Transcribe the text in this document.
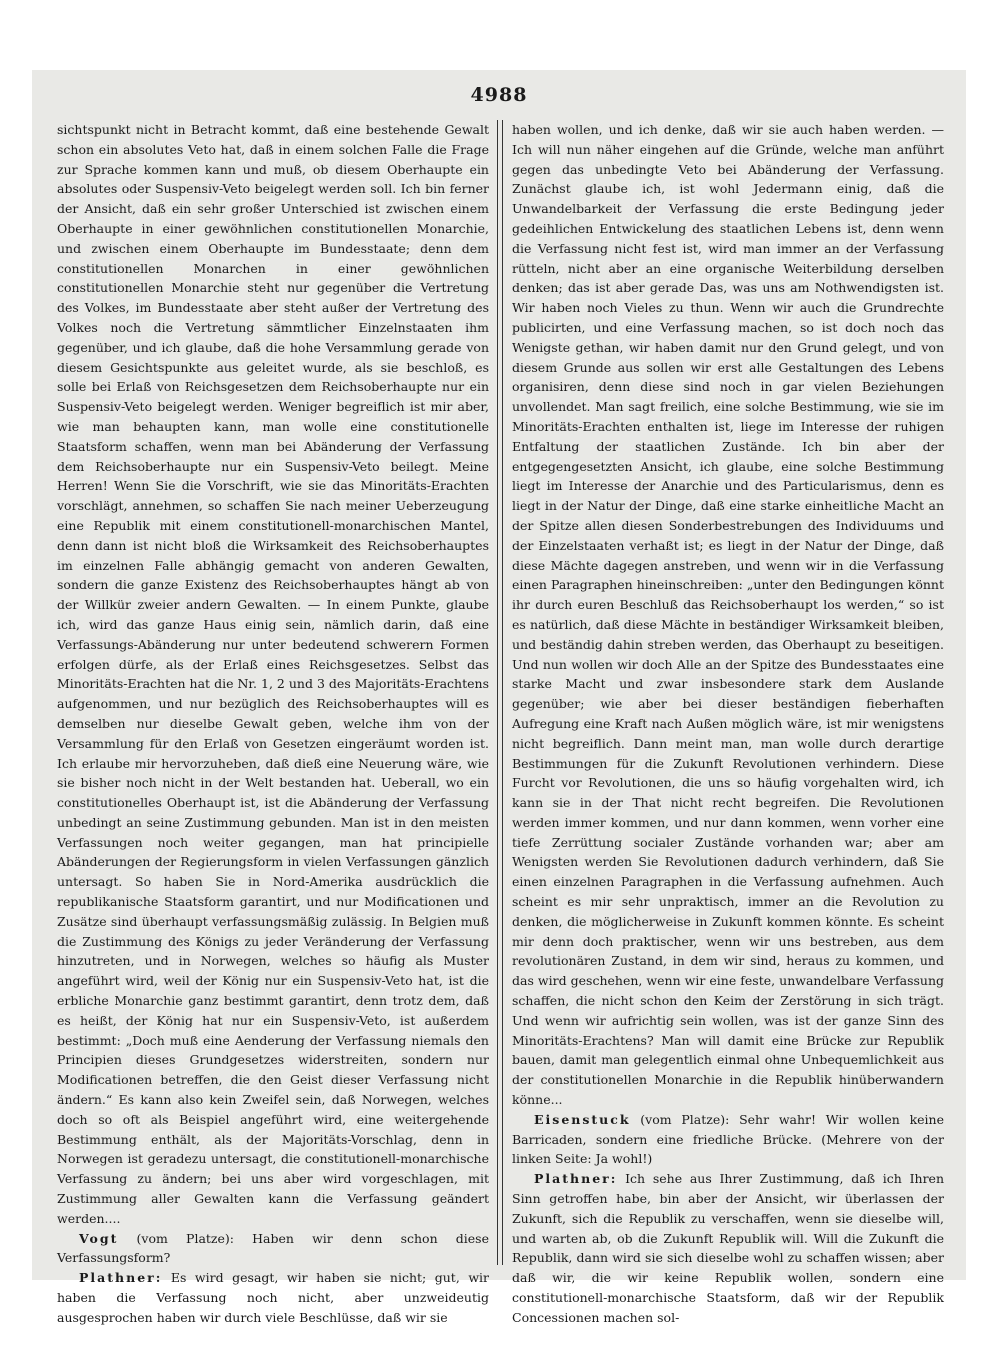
4988

sichtspunkt nicht in Betracht kommt, daß eine bestehende Gewalt schon ein absolutes Veto hat, daß in einem solchen Falle die Frage zur Sprache kommen kann und muß, ob diesem Oberhaupte ein absolutes oder Suspensiv-Veto beigelegt werden soll. Ich bin ferner der Ansicht, daß ein sehr großer Unterschied ist zwischen einem Oberhaupte in einer gewöhnlichen constitutionellen Monarchie, und zwischen einem Oberhaupte im Bundesstaate; denn dem constitutionellen Monarchen in einer gewöhnlichen constitutionellen Monarchie steht nur gegenüber die Vertretung des Volkes, im Bundesstaate aber steht außer der Vertretung des Volkes noch die Vertretung sämmtlicher Einzelnstaaten ihm gegenüber, und ich glaube, daß die hohe Versammlung gerade von diesem Gesichtspunkte aus geleitet wurde, als sie beschloß, es solle bei Erlaß von Reichsgesetzen dem Reichsoberhaupte nur ein Suspensiv-Veto beigelegt werden. Weniger begreiflich ist mir aber, wie man behaupten kann, man wolle eine constitutionelle Staatsform schaffen, wenn man bei Abänderung der Verfassung dem Reichsoberhaupte nur ein Suspensiv-Veto beilegt. Meine Herren! Wenn Sie die Vorschrift, wie sie das Minoritäts-Erachten vorschlägt, annehmen, so schaffen Sie nach meiner Ueberzeugung eine Republik mit einem constitutionell-monarchischen Mantel, denn dann ist nicht bloß die Wirksamkeit des Reichsoberhauptes im einzelnen Falle abhängig gemacht von anderen Gewalten, sondern die ganze Existenz des Reichsoberhauptes hängt ab von der Willkür zweier andern Gewalten. — In einem Punkte, glaube ich, wird das ganze Haus einig sein, nämlich darin, daß eine Verfassungs-Abänderung nur unter bedeutend schwerern Formen erfolgen dürfe, als der Erlaß eines Reichsgesetzes. Selbst das Minoritäts-Erachten hat die Nr. 1, 2 und 3 des Majoritäts-Erachtens aufgenommen, und nur bezüglich des Reichsoberhauptes will es demselben nur dieselbe Gewalt geben, welche ihm von der Versammlung für den Erlaß von Gesetzen eingeräumt worden ist. Ich erlaube mir hervorzuheben, daß dieß eine Neuerung wäre, wie sie bisher noch nicht in der Welt bestanden hat. Ueberall, wo ein constitutionelles Oberhaupt ist, ist die Abänderung der Verfassung unbedingt an seine Zustimmung gebunden. Man ist in den meisten Verfassungen noch weiter gegangen, man hat principielle Abänderungen der Regierungsform in vielen Verfassungen gänzlich untersagt. So haben Sie in Nord-Amerika ausdrücklich die republikanische Staatsform garantirt, und nur Modificationen und Zusätze sind überhaupt verfassungsmäßig zulässig. In Belgien muß die Zustimmung des Königs zu jeder Veränderung der Verfassung hinzutreten, und in Norwegen, welches so häufig als Muster angeführt wird, weil der König nur ein Suspensiv-Veto hat, ist die erbliche Monarchie ganz bestimmt garantirt, denn trotz dem, daß es heißt, der König hat nur ein Suspensiv-Veto, ist außerdem bestimmt: „Doch muß eine Aenderung der Verfassung niemals den Principien dieses Grundgesetzes widerstreiten, sondern nur Modificationen betreffen, die den Geist dieser Verfassung nicht ändern.“ Es kann also kein Zweifel sein, daß Norwegen, welches doch so oft als Beispiel angeführt wird, eine weitergehende Bestimmung enthält, als der Majoritäts-Vorschlag, denn in Norwegen ist geradezu untersagt, die constitutionell-monarchische Verfassung zu ändern; bei uns aber wird vorgeschlagen, mit Zustimmung aller Gewalten kann die Verfassung geändert werden....

Vogt (vom Platze): Haben wir denn schon diese Verfassungsform?

Plathner: Es wird gesagt, wir haben sie nicht; gut, wir haben die Verfassung noch nicht, aber unzweideutig ausgesprochen haben wir durch viele Beschlüsse, daß wir sie

haben wollen, und ich denke, daß wir sie auch haben werden. — Ich will nun näher eingehen auf die Gründe, welche man anführt gegen das unbedingte Veto bei Abänderung der Verfassung. Zunächst glaube ich, ist wohl Jedermann einig, daß die Unwandelbarkeit der Verfassung die erste Bedingung jeder gedeihlichen Entwickelung des staatlichen Lebens ist, denn wenn die Verfassung nicht fest ist, wird man immer an der Verfassung rütteln, nicht aber an eine organische Weiterbildung derselben denken; das ist aber gerade Das, was uns am Nothwendigsten ist. Wir haben noch Vieles zu thun. Wenn wir auch die Grundrechte publicirten, und eine Verfassung machen, so ist doch noch das Wenigste gethan, wir haben damit nur den Grund gelegt, und von diesem Grunde aus sollen wir erst alle Gestaltungen des Lebens organisiren, denn diese sind noch in gar vielen Beziehungen unvollendet. Man sagt freilich, eine solche Bestimmung, wie sie im Minoritäts-Erachten enthalten ist, liege im Interesse der ruhigen Entfaltung der staatlichen Zustände. Ich bin aber der entgegengesetzten Ansicht, ich glaube, eine solche Bestimmung liegt im Interesse der Anarchie und des Particularismus, denn es liegt in der Natur der Dinge, daß eine starke einheitliche Macht an der Spitze allen diesen Sonderbestrebungen des Individuums und der Einzelstaaten verhaßt ist; es liegt in der Natur der Dinge, daß diese Mächte dagegen anstreben, und wenn wir in die Verfassung einen Paragraphen hineinschreiben: „unter den Bedingungen könnt ihr durch euren Beschluß das Reichsoberhaupt los werden,“ so ist es natürlich, daß diese Mächte in beständiger Wirksamkeit bleiben, und beständig dahin streben werden, das Oberhaupt zu beseitigen. Und nun wollen wir doch Alle an der Spitze des Bundesstaates eine starke Macht und zwar insbesondere stark dem Auslande gegenüber; wie aber bei dieser beständigen fieberhaften Aufregung eine Kraft nach Außen möglich wäre, ist mir wenigstens nicht begreiflich. Dann meint man, man wolle durch derartige Bestimmungen für die Zukunft Revolutionen verhindern. Diese Furcht vor Revolutionen, die uns so häufig vorgehalten wird, ich kann sie in der That nicht recht begreifen. Die Revolutionen werden immer kommen, und nur dann kommen, wenn vorher eine tiefe Zerrüttung socialer Zustände vorhanden war; aber am Wenigsten werden Sie Revolutionen dadurch verhindern, daß Sie einen einzelnen Paragraphen in die Verfassung aufnehmen. Auch scheint es mir sehr unpraktisch, immer an die Revolution zu denken, die möglicherweise in Zukunft kommen könnte. Es scheint mir denn doch praktischer, wenn wir uns bestreben, aus dem revolutionären Zustand, in dem wir sind, heraus zu kommen, und das wird geschehen, wenn wir eine feste, unwandelbare Verfassung schaffen, die nicht schon den Keim der Zerstörung in sich trägt. Und wenn wir aufrichtig sein wollen, was ist der ganze Sinn des Minoritäts-Erachtens? Man will damit eine Brücke zur Republik bauen, damit man gelegentlich einmal ohne Unbequemlichkeit aus der constitutionellen Monarchie in die Republik hinüberwandern könne...

Eisenstuck (vom Platze): Sehr wahr! Wir wollen keine Barricaden, sondern eine friedliche Brücke. (Mehrere von der linken Seite: Ja wohl!)

Plathner: Ich sehe aus Ihrer Zustimmung, daß ich Ihren Sinn getroffen habe, bin aber der Ansicht, wir überlassen der Zukunft, sich die Republik zu verschaffen, wenn sie dieselbe will, und warten ab, ob die Zukunft Republik will. Will die Zukunft die Republik, dann wird sie sich dieselbe wohl zu schaffen wissen; aber daß wir, die wir keine Republik wollen, sondern eine constitutionell-monarchische Staatsform, daß wir der Republik Concessionen machen sol-
